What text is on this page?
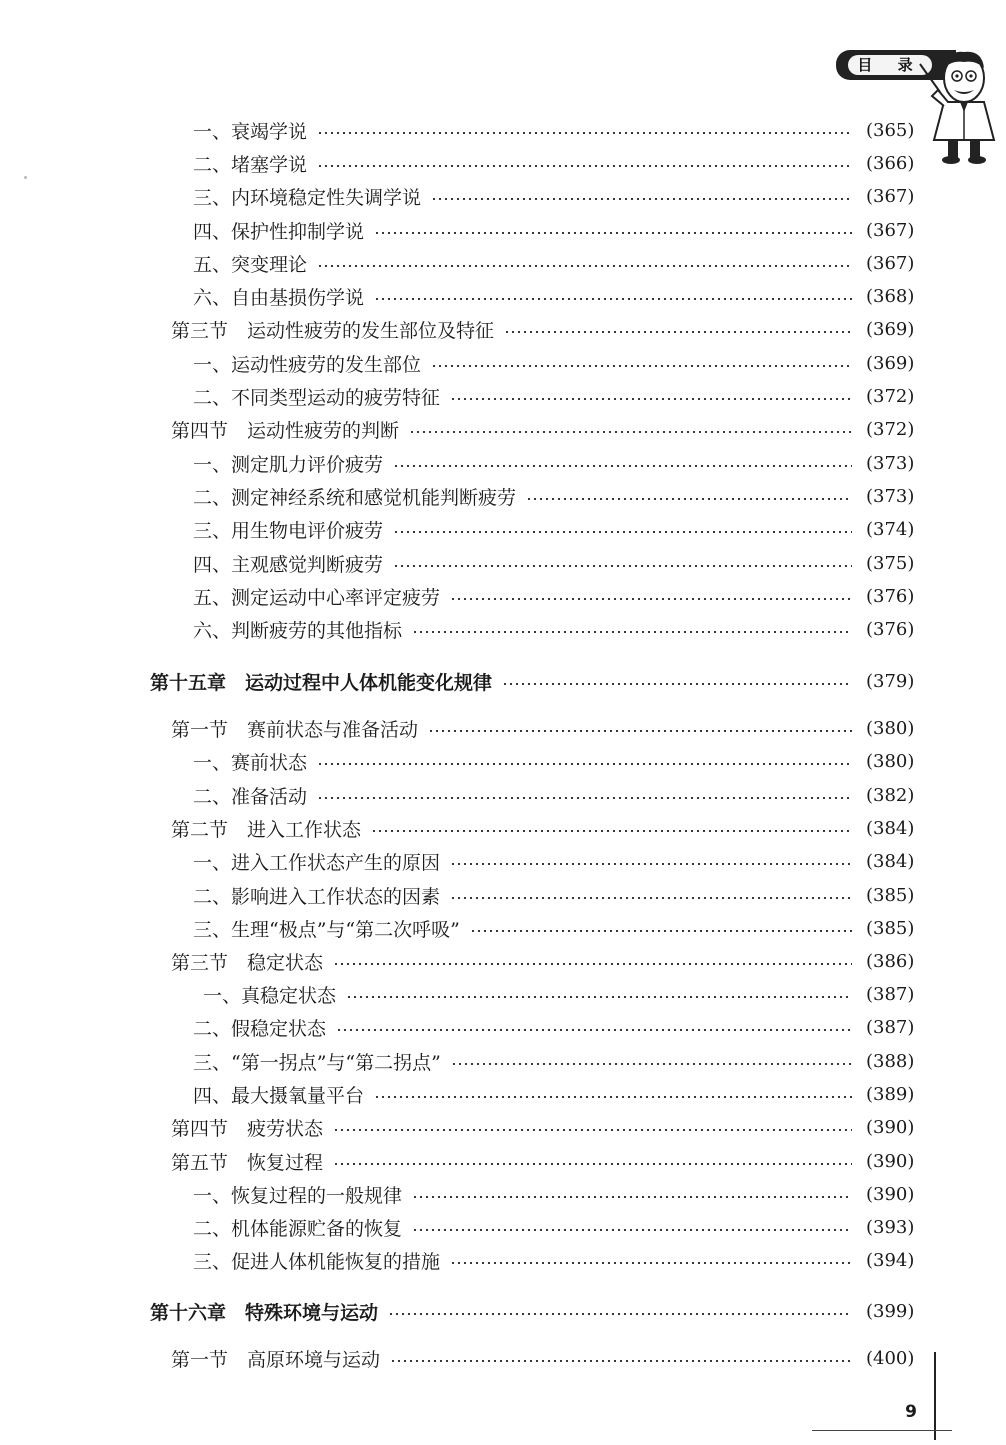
目 录
一、衰竭学说	(365)
二、堵塞学说	(366)
三、内环境稳定性失调学说	(367)
四、保护性抑制学说	(367)
五、突变理论	(367)
六、自由基损伤学说	(368)
第三节　运动性疲劳的发生部位及特征	(369)
一、运动性疲劳的发生部位	(369)
二、不同类型运动的疲劳特征	(372)
第四节　运动性疲劳的判断	(372)
一、测定肌力评价疲劳	(373)
二、测定神经系统和感觉机能判断疲劳	(373)
三、用生物电评价疲劳	(374)
四、主观感觉判断疲劳	(375)
五、测定运动中心率评定疲劳	(376)
六、判断疲劳的其他指标	(376)
第十五章　运动过程中人体机能变化规律	(379)
第一节　赛前状态与准备活动	(380)
一、赛前状态	(380)
二、准备活动	(382)
第二节　进入工作状态	(384)
一、进入工作状态产生的原因	(384)
二、影响进入工作状态的因素	(385)
三、生理“极点”与“第二次呼吸”	(385)
第三节　稳定状态	(386)
一、真稳定状态	(387)
二、假稳定状态	(387)
三、“第一拐点”与“第二拐点”	(388)
四、最大摄氧量平台	(389)
第四节　疲劳状态	(390)
第五节　恢复过程	(390)
一、恢复过程的一般规律	(390)
二、机体能源贮备的恢复	(393)
三、促进人体机能恢复的措施	(394)
第十六章　特殊环境与运动	(399)
第一节　高原环境与运动	(400)
9
